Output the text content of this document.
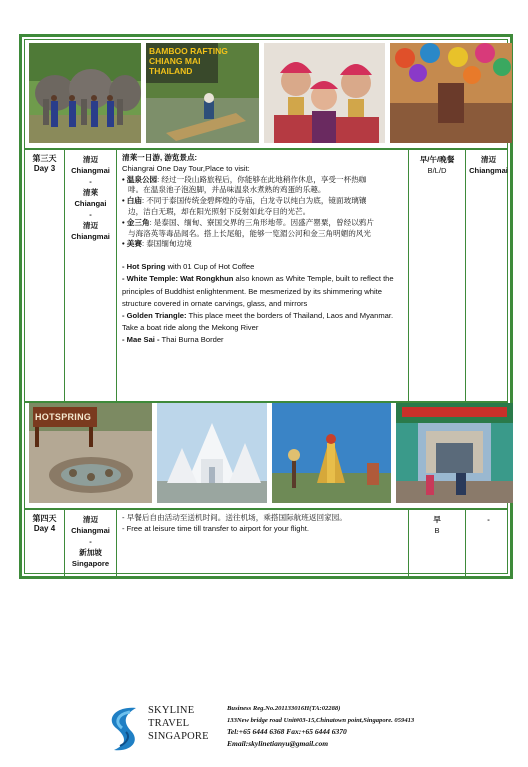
BAMBOO RAFTING
CHIANG MAI
THAILAND
第三天
Day 3
清迈
Chiangmai
-
清莱
Chiangai
-
清迈
Chiangmai

清莱一日游, 游览景点:

Chiangrai One Day Tour,Place to visit:

• 温泉公园: 经过一段山路旅程后，你能够在此地稍作休息，享受一杯热咖

啡。在温泉池子泡泡脚，并品味温泉水煮熟的鸡蛋的乐趣。

• 白庙: 不同于泰国传统金碧辉煌的寺庙，白龙寺以纯白为底，镜面玻璃镶

边，洁白无瑕，却在阳光照射下反射如此夺目的光芒。

• 金三角: 是泰国、缅甸、寮国交界的三角形地带。因盛产罂粟，曾经以鸦片

与海洛英等毒品闻名。搭上长尾船，能够一览湄公河和金三角明媚的风光

• 美赛: 泰国缅甸边境

- Hot Spring with 01 Cup of Hot Coffee

- White Temple: Wat Rongkhun also known as White Temple, built to reflect the principles of Buddhist enlightenment. Be mesmerized by its shimmering white structure covered in ornate carvings, glass, and mirrors

- Golden Triangle: This place meet the borders of Thailand, Laos and Myanmar. Take a boat ride along the Mekong River

- Mae Sai - Thai Burna Border

早/午/晚餐
B/L/D
清迈
Chiangmai
HOTSPRING
第四天
Day 4
清迈
Chiangmai
-
新加坡
Singapore

- 早餐后自由活动至送机时间。送往机场，乘搭国际航班返回家园。

- Free at leisure time till transfer to airport for your flight.

早
B
-
SKYLINE
TRAVEL
SINGAPORE
Business Reg.No.201133016H(TA:02288)
133New bridge road Unit#03-15,Chinatown point,Singapore. 059413
Tel:+65 6444 6368 Fax:+65 6444 6370
Email:skylinetianyu@gmail.com
